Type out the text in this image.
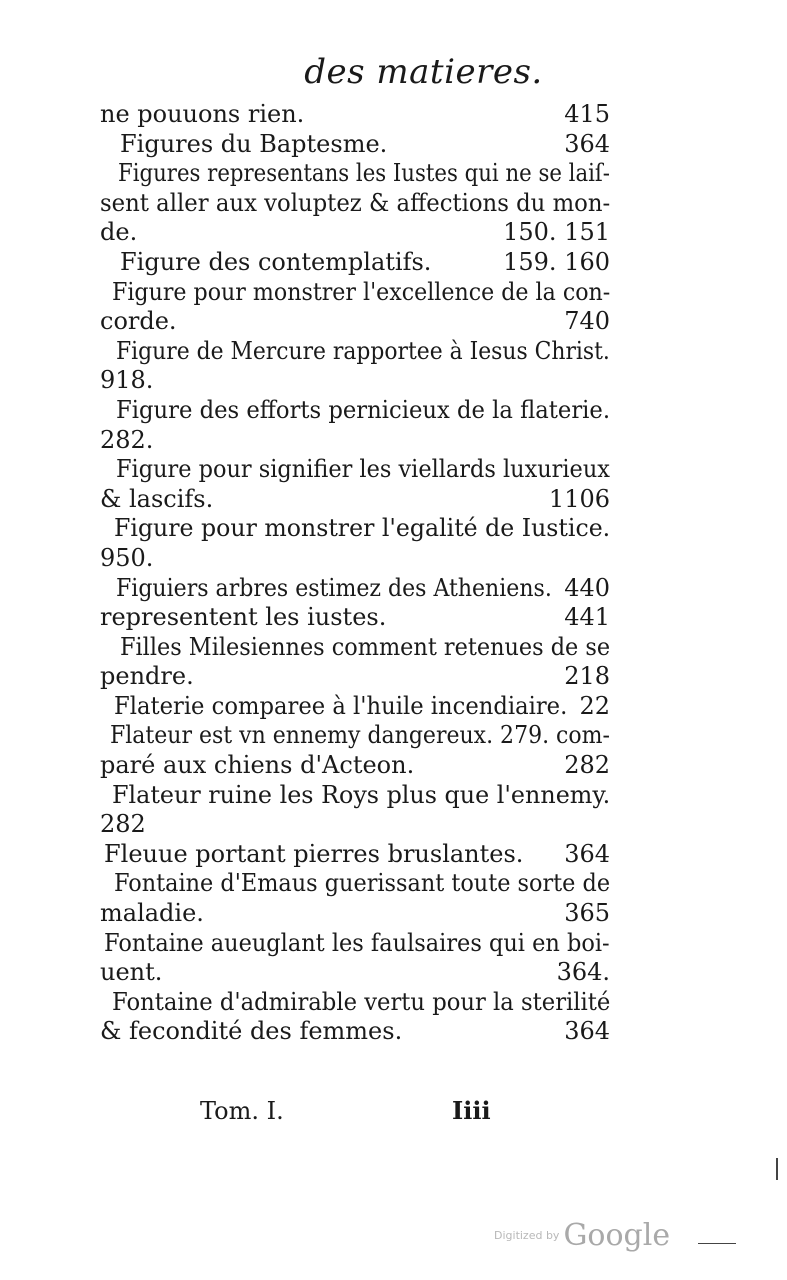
des matieres.
ne pouuons rien.	415
Figures du Baptesme.	364
Figures representans les Iustes qui ne se laiſ-
sent aller aux voluptez & affections du mon-
de.	150. 151
Figure des contemplatifs.	159. 160
Figure pour monstrer l'excellence de la con-
corde.	740
Figure de Mercure rapportee à Iesus Christ.
918.
Figure des efforts pernicieux de la flaterie.
282.
Figure pour signifier les viellards luxurieux
& lascifs.	1106
Figure pour monstrer l'egalité de Iustice.
950.
Figuiers arbres estimez des Atheniens. 440
representent les iustes.	441
Filles Milesiennes comment retenues de se
pendre.	218
Flaterie comparee à l'huile incendiaire. 22
Flateur est vn ennemy dangereux. 279. com-
paré aux chiens d'Acteon.	282
Flateur ruine les Roys plus que l'ennemy.
282
Fleuue portant pierres bruslantes. 364
Fontaine d'Emaus guerissant toute sorte de
maladie.	365
Fontaine aueuglant les faulsaires qui en boi-
uent.	364.
Fontaine d'admirable vertu pour la sterilité
& fecondité des femmes.	364
Tom. I.	Iiii
Digitized by Google
